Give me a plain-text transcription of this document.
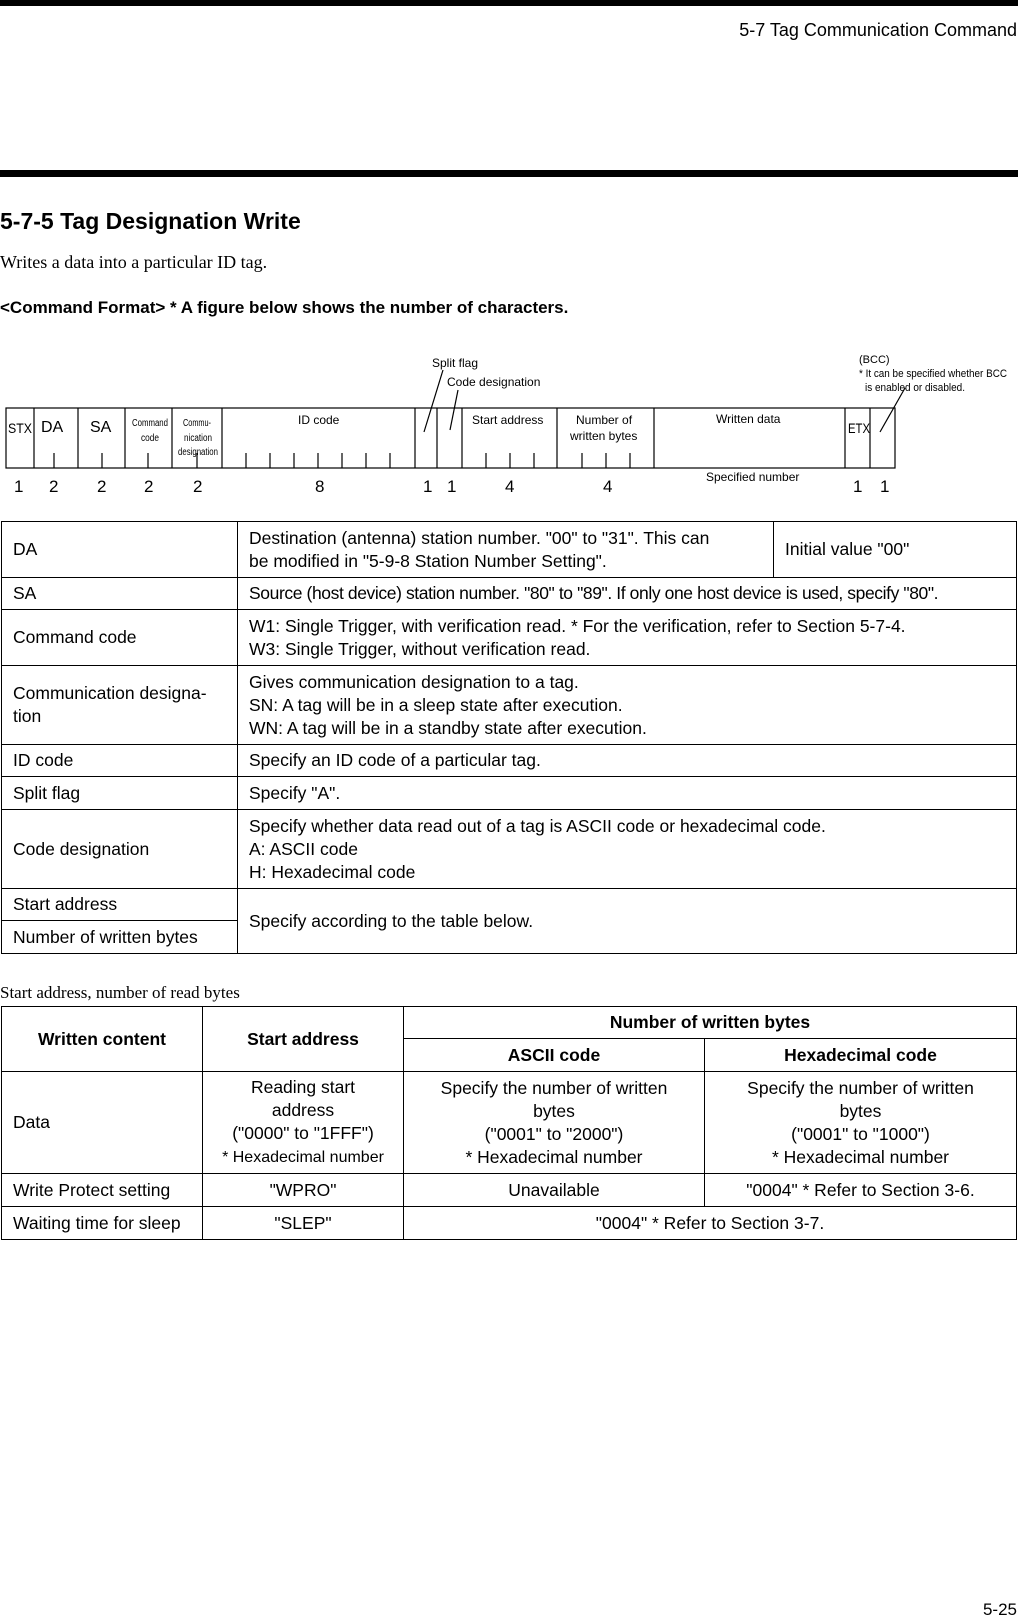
5-7 Tag Communication Command
5-7-5 Tag Designation Write
Writes a data into a particular ID tag.
<Command Format> * A figure below shows the number of characters.
Split flag
Code designation
(BCC)
* It can be specified whether BCC
is enabled or disabled.
STX DA SA Command
code
Commu-
nication
designation
ID code	Start address	Number of
written bytes
Written data
ETX
Specified number
1 2 2 2 2	8	1 1	4	4	1 1
DA	Destination (antenna) station number. "00" to "31". This can
be modified in "5-9-8 Station Number Setting".	Initial value "00"
SA	Source (host device) station number. "80" to "89". If only one host device is used, specify "80".	
Command code	W1: Single Trigger, with verification read. * For the verification, refer to Section 5-7-4.
W3: Single Trigger, without verification read.	
Communication designa-
tion	Gives communication designation to a tag.
SN: A tag will be in a sleep state after execution.
WN: A tag will be in a standby state after execution.	
ID code	Specify an ID code of a particular tag.	
Split flag	Specify "A".	
Code designation	Specify whether data read out of a tag is ASCII code or hexadecimal code.
A: ASCII code
H: Hexadecimal code	
Start address	Specify according to the table below.	
Number of written bytes		
Start address, number of read bytes
Written content	Start address	Number of written bytes	
		ASCII code	Hexadecimal code
Data	Reading start
address
("0000" to "1FFF")
* Hexadecimal number	Specify the number of written
bytes
("0001" to "2000")
* Hexadecimal number	Specify the number of written
bytes
("0001" to "1000")
* Hexadecimal number
Write Protect setting	"WPRO"	Unavailable	"0004" * Refer to Section 3-6.
Waiting time for sleep	"SLEP"	"0004" * Refer to Section 3-7.	
5-25
